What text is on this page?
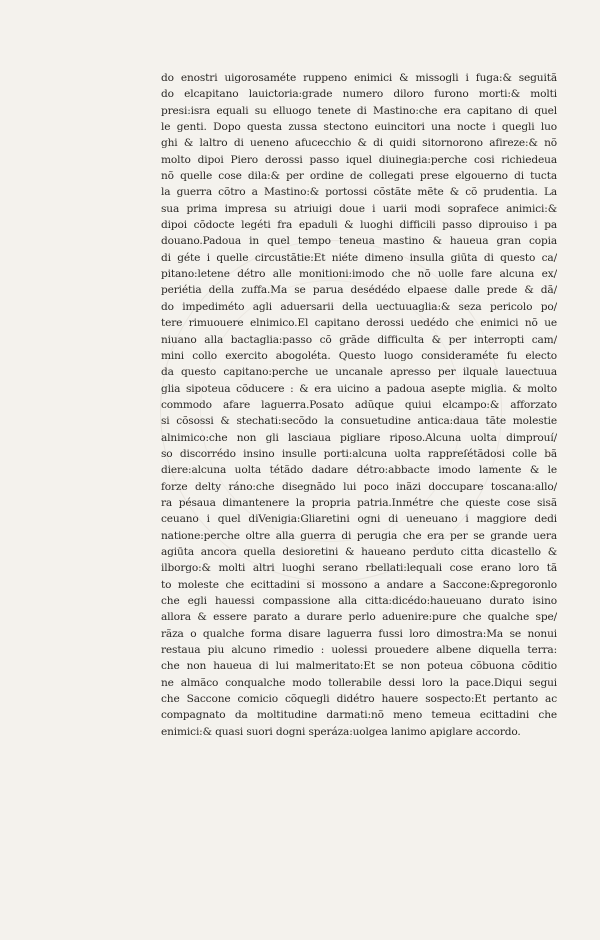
do enostri uigorosaméte ruppeno enimici & missogli i fuga:& seguitã
do elcapitano lauictoria:grade numero diloro furono morti:& molti
presi:isra equali su elluogo tenete di Mastino:che era capitano di quel
le genti. Dopo questa zussa stectono euincitori una nocte i quegli luo
ghi & laltro di ueneno afucecchio & di quidi sitornorono afireze:& nõ
molto dipoi Piero derossi passo iquel diuinegia:perche cosi richiedeua
nõ quelle cose dila:& per ordine de collegati prese elgouerno di tucta
la guerra cõtro a Mastino:& portossi cõstãte mẽte & cõ prudentia. La
sua prima impresa su atriuigi doue i uarii modi soprafece animici:&
dipoi cõdocte legéti fra epaduli & luoghi difficili passo diprouiso i pa
douano.Padoua in quel tempo teneua mastino & haueua gran copia
di géte i quelle circustãtie:Et niéte dimeno insulla giūta di questo ca/
pitano:letene détro alle monitioni:imodo che nõ uolle fare alcuna ex/
periétia della zuffa.Ma se parua desédédo elpaese dalle prede & dã/
do impediméto agli aduersarii della uectuuaglia:& seza pericolo po/
tere rimuouere elnimico.El capitano derossi uedédo che enimici nõ ue
niuano alla bactaglia:passo cõ grãde difficulta & per interropti cam/
mini collo exercito abogoléta. Questo luogo consideraméte fu electo
da questo capitano:perche ue uncanale apresso per ilquale lauectuua
glia sipoteua cõducere : & era uicino a padoua asepte miglia. & molto
commodo afare laguerra.Posato adũque quiui elcampo:& afforzato
si cõsossi & stechati:secõdo la consuetudine antica:daua tãte molestie
alnimico:che non gli lasciaua pigliare riposo.Alcuna uolta dimprouí/
so discorrédo insino insulle porti:alcuna uolta rappreſétãdosi colle bã
diere:alcuna uolta tétãdo dadare détro:abbacte imodo lamente & le
forze delty ráno:che disegnãdo lui poco inãzi doccupare toscana:allo/
ra pésaua dimantenere la propria patria.Inmétre che queste cose sisã
ceuano i quel diVenigia:Gliaretini ogni di ueneuano i maggiore dedi
natione:perche oltre alla guerra di perugia che era per se grande uera
agiūta ancora quella desioretini & haueano perduto citta dicastello &
ilborgo:& molti altri luoghi serano rbellati:lequali cose erano loro tã
to moleste che ecittadini si mossono a andare a Saccone:&pregoronlo
che egli hauessi compassione alla citta:dicédo:haueuano durato isino
allora & essere parato a durare perlo aduenire:pure che qualche spe/
rãza o qualche forma disare laguerra fussi loro dimostra:Ma se nonui
restaua piu alcuno rimedio : uolessi prouedere albene diquella terra:
che non haueua di lui malmeritato:Et se non poteua cõbuona cõditio
ne almãco conqualche modo tollerabile dessi loro la pace.Diqui segui
che Saccone comicio cõquegli didétro hauere sospecto:Et pertanto ac
compagnato da moltitudine darmati:nõ meno temeua ecittadini che
enimici:& quasi suori dogni speráza:uolgea lanimo apiglare accordo.
